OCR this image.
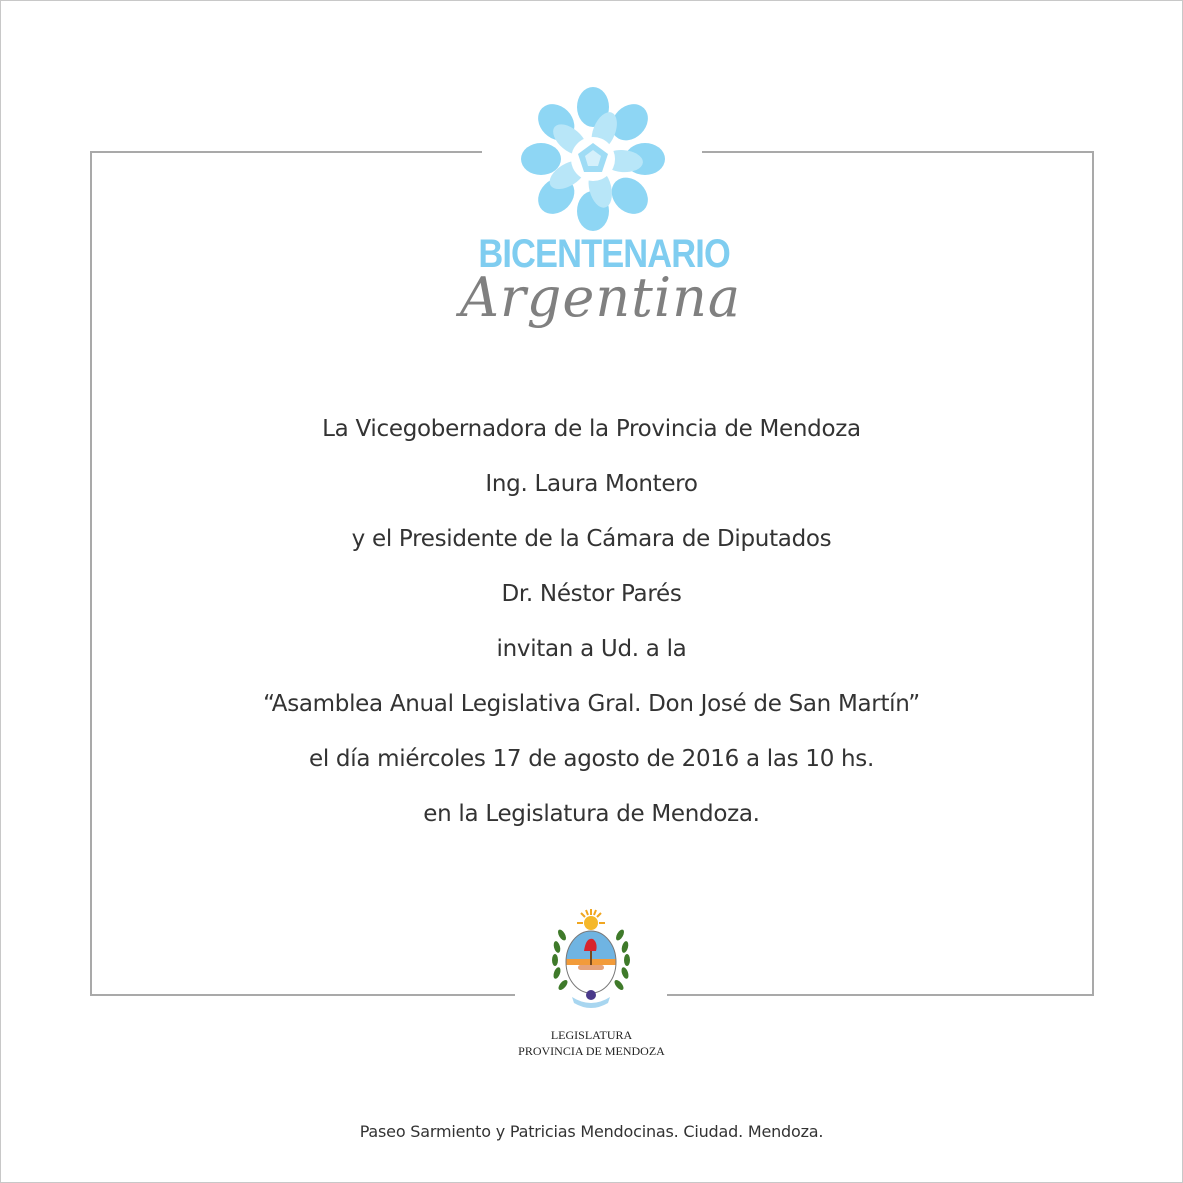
BICENTENARIO
Argentina
La Vicegobernadora de la Provincia de Mendoza
Ing. Laura Montero
y el Presidente de la Cámara de Diputados
Dr. Néstor Parés
invitan a Ud. a la
“Asamblea Anual Legislativa Gral. Don José de San Martín”
el día miércoles 17 de agosto de 2016 a las 10 hs.
en la Legislatura de Mendoza.
LEGISLATURA
PROVINCIA DE MENDOZA
Paseo Sarmiento y Patricias Mendocinas. Ciudad. Mendoza.
